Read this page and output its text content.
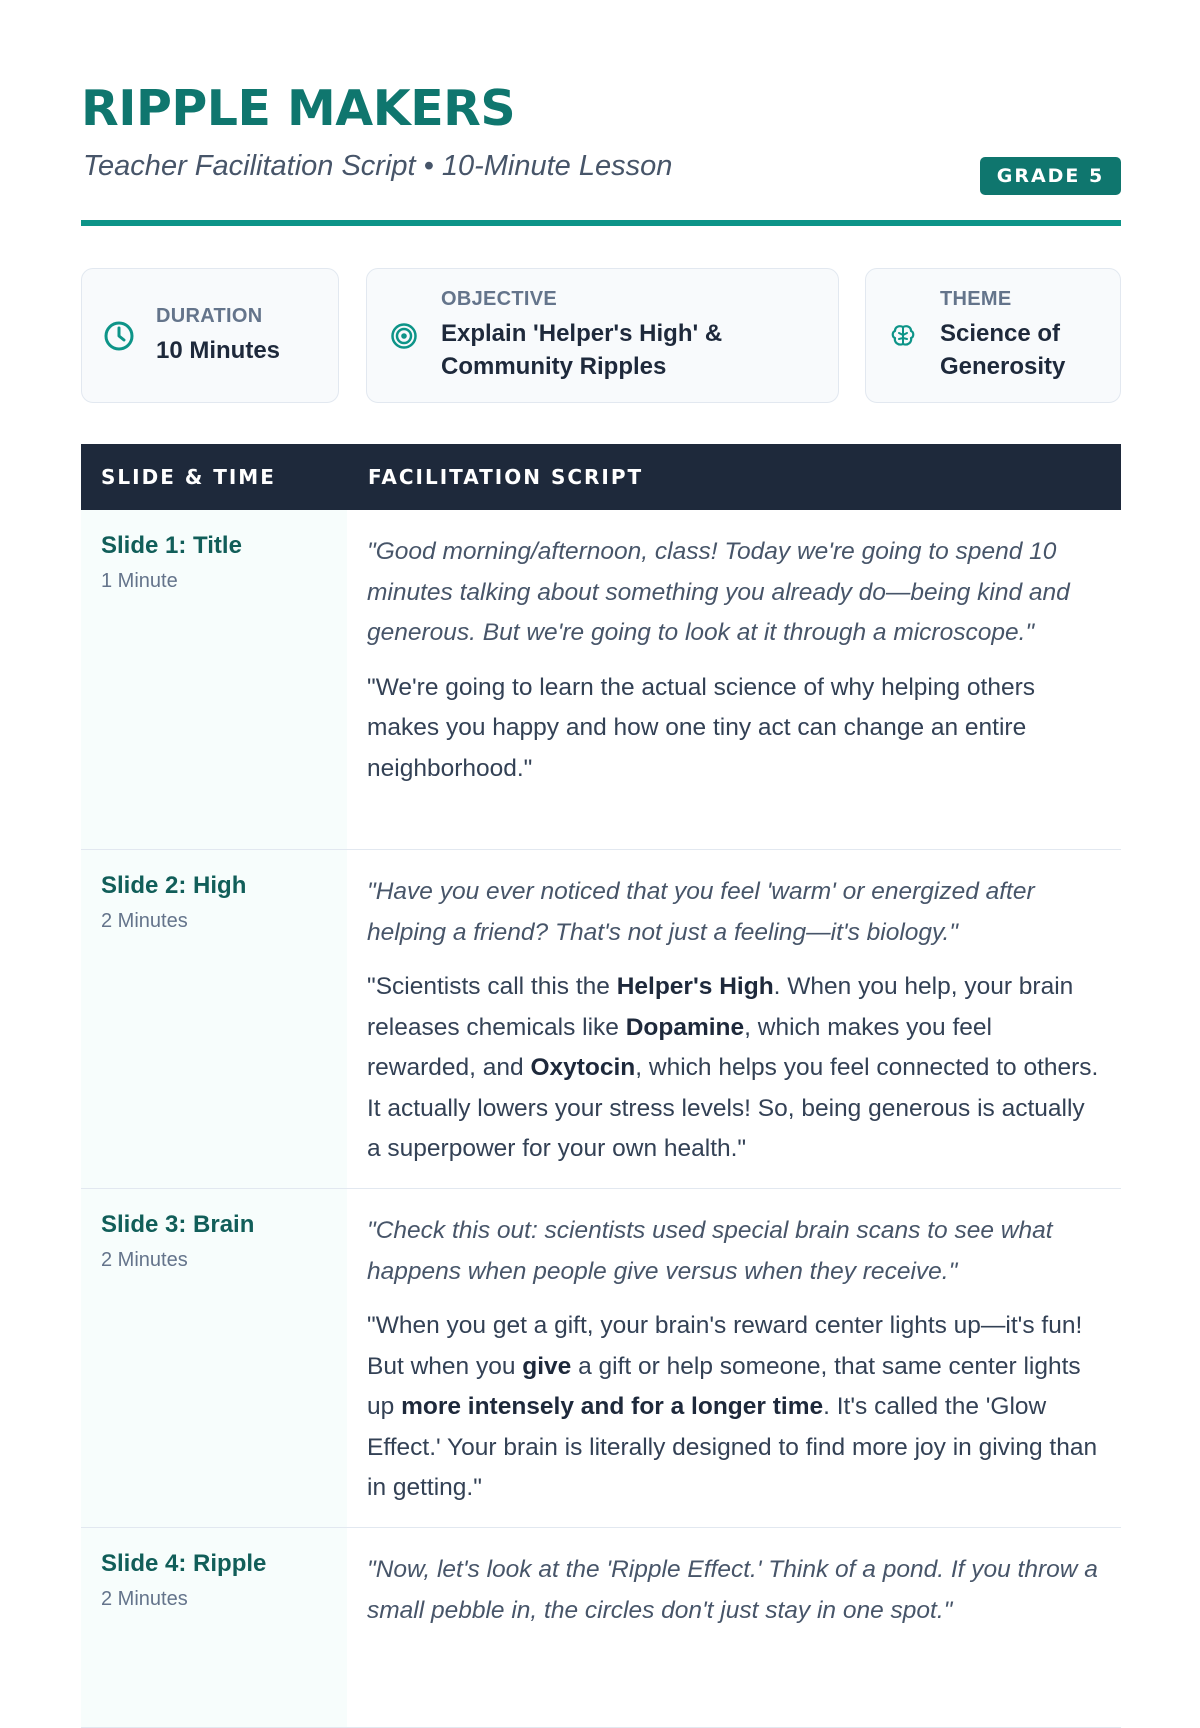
RIPPLE MAKERS
Teacher Facilitation Script • 10-Minute Lesson	GRADE 5
DURATION
10 Minutes
OBJECTIVE
Explain 'Helper's High' & Community Ripples
THEME
Science of Generosity
SLIDE & TIME	FACILITATION SCRIPT
Slide 1: Title
1 Minute

"Good morning/afternoon, class! Today we're going to spend 10 minutes talking about something you already do—being kind and generous. But we're going to look at it through a microscope."

"We're going to learn the actual science of why helping others makes you happy and how one tiny act can change an entire neighborhood."

Slide 2: High
2 Minutes

"Have you ever noticed that you feel 'warm' or energized after helping a friend? That's not just a feeling—it's biology."

"Scientists call this the Helper's High. When you help, your brain releases chemicals like Dopamine, which makes you feel rewarded, and Oxytocin, which helps you feel connected to others. It actually lowers your stress levels! So, being generous is actually a superpower for your own health."

Slide 3: Brain
2 Minutes

"Check this out: scientists used special brain scans to see what happens when people give versus when they receive."

"When you get a gift, your brain's reward center lights up—it's fun! But when you give a gift or help someone, that same center lights up more intensely and for a longer time. It's called the 'Glow Effect.' Your brain is literally designed to find more joy in giving than in getting."

Slide 4: Ripple
2 Minutes

"Now, let's look at the 'Ripple Effect.' Think of a pond. If you throw a small pebble in, the circles don't just stay in one spot."
